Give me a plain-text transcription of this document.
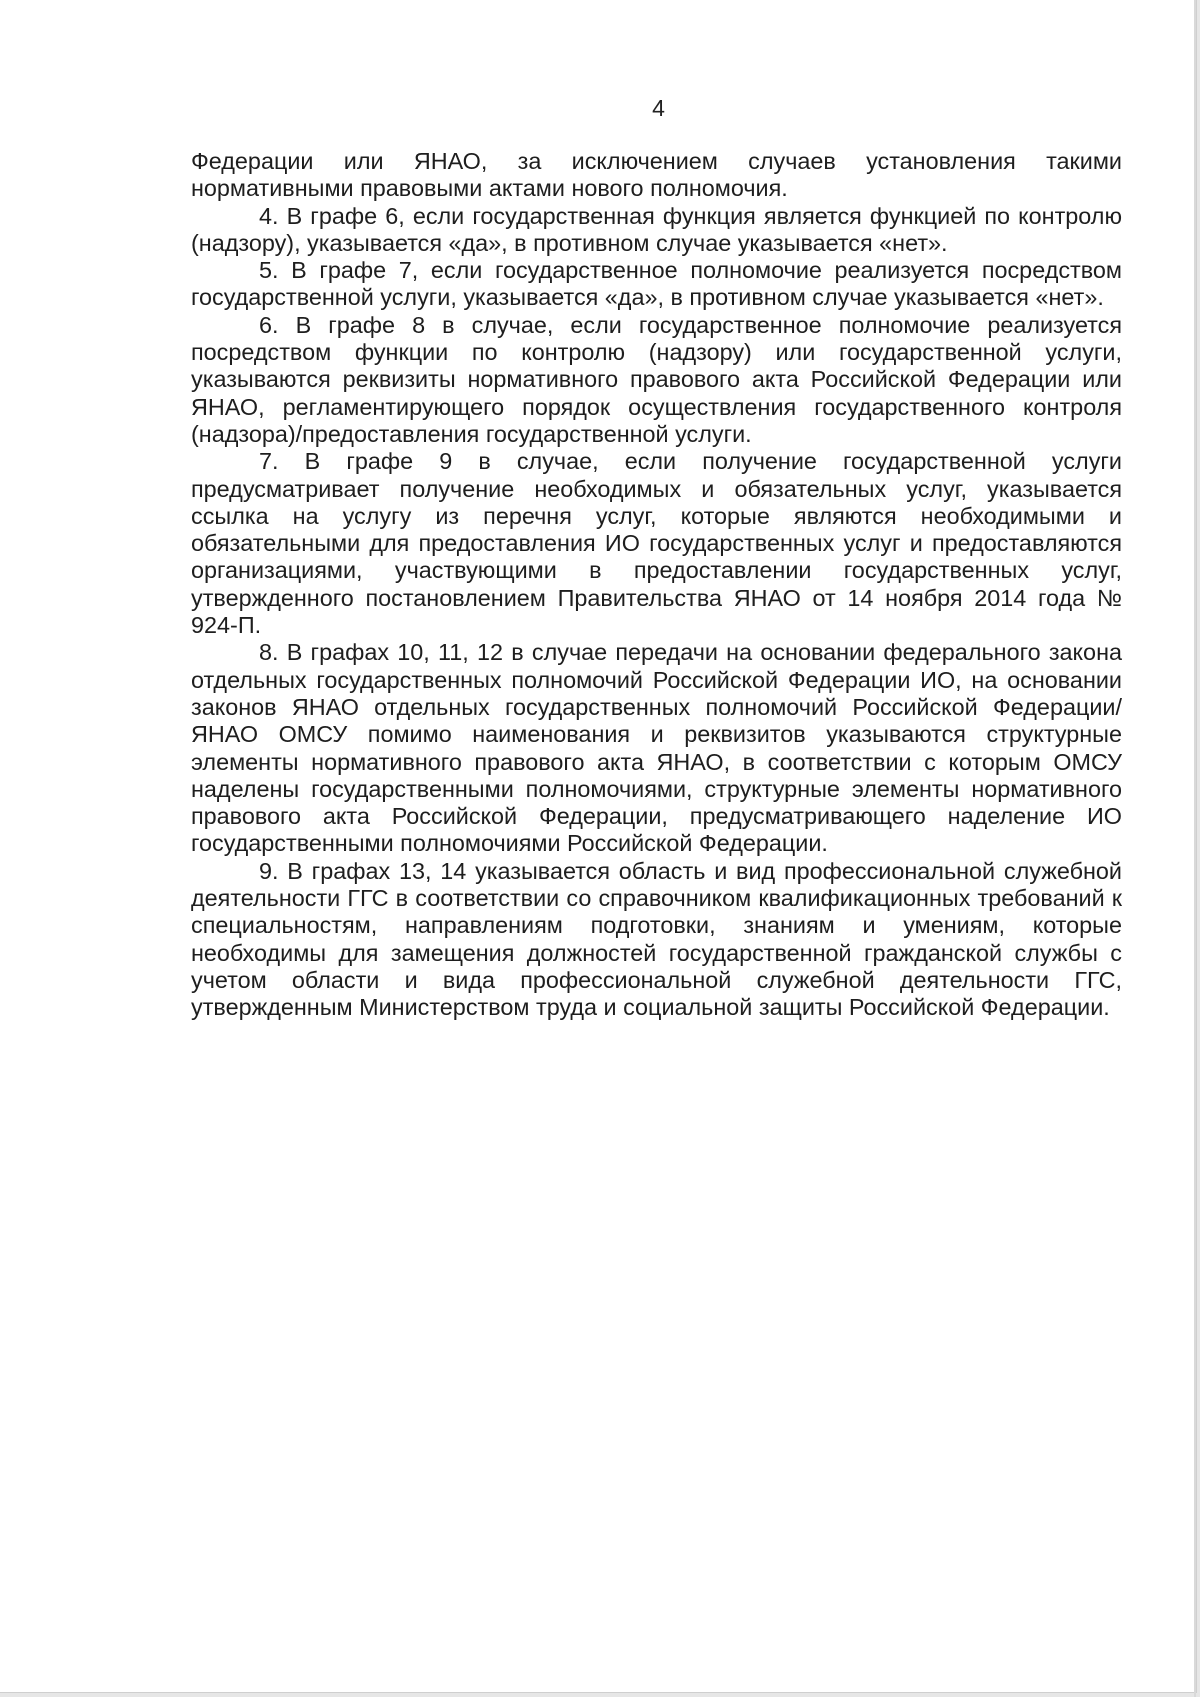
4

Федерации или ЯНАО, за исключением случаев установления такими нормативными правовыми актами нового полномочия.

4. В графе 6, если государственная функция является функцией по контролю (надзору), указывается «да», в противном случае указывается «нет».

5. В графе 7, если государственное полномочие реализуется посредством государственной услуги, указывается «да», в противном случае указывается «нет».

6. В графе 8 в случае, если государственное полномочие реализуется посредством функции по контролю (надзору) или государственной услуги, указываются реквизиты нормативного правового акта Российской Федерации или ЯНАО, регламентирующего порядок осуществления государственного контроля (надзора)/предоставления государственной услуги.

7. В графе 9 в случае, если получение государственной услуги предусматривает получение необходимых и обязательных услуг, указывается ссылка на услугу из перечня услуг, которые являются необходимыми и обязательными для предоставления ИО государственных услуг и предоставляются организациями, участвующими в предоставлении государственных услуг, утвержденного постановлением Правительства ЯНАО от 14 ноября 2014 года № 924-П.

8. В графах 10, 11, 12 в случае передачи на основании федерального закона отдельных государственных полномочий Российской Федерации ИО, на основании законов ЯНАО отдельных государственных полномочий Российской Федерации/ЯНАО ОМСУ помимо наименования и реквизитов указываются структурные элементы нормативного правового акта ЯНАО, в соответствии с которым ОМСУ наделены государственными полномочиями, структурные элементы нормативного правового акта Российской Федерации, предусматривающего наделение ИО государственными полномочиями Российской Федерации.

9. В графах 13, 14 указывается область и вид профессиональной служебной деятельности ГГС в соответствии со справочником квалификационных требований к специальностям, направлениям подготовки, знаниям и умениям, которые необходимы для замещения должностей государственной гражданской службы с учетом области и вида профессиональной служебной деятельности ГГС, утвержденным Министерством труда и социальной защиты Российской Федерации.
